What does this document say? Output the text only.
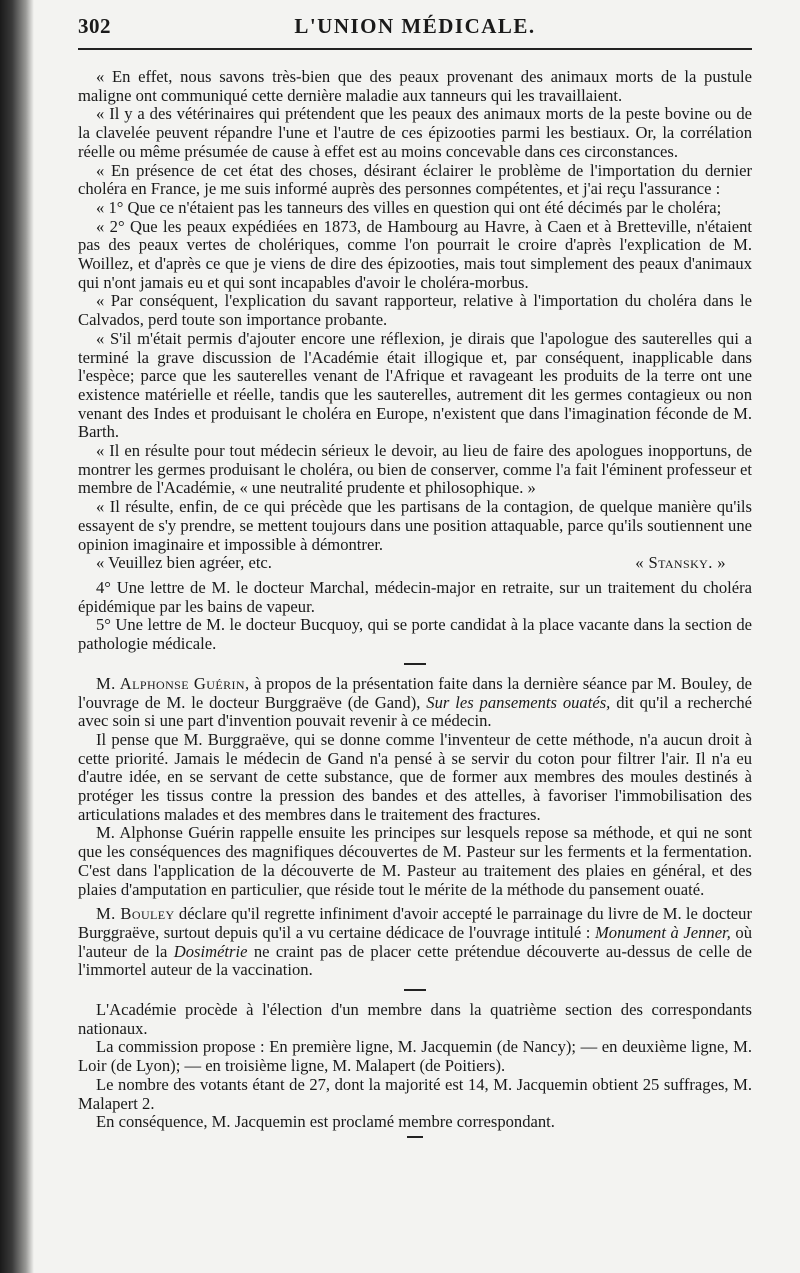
302	L'UNION MÉDICALE.

« En effet, nous savons très-bien que des peaux provenant des animaux morts de la pustule maligne ont communiqué cette dernière maladie aux tanneurs qui les travaillaient.

« Il y a des vétérinaires qui prétendent que les peaux des animaux morts de la peste bovine ou de la clavelée peuvent répandre l'une et l'autre de ces épizooties parmi les bestiaux. Or, la corrélation réelle ou même présumée de cause à effet est au moins concevable dans ces circonstances.

« En présence de cet état des choses, désirant éclairer le problème de l'importation du dernier choléra en France, je me suis informé auprès des personnes compétentes, et j'ai reçu l'assurance :

« 1° Que ce n'étaient pas les tanneurs des villes en question qui ont été décimés par le choléra;

« 2° Que les peaux expédiées en 1873, de Hambourg au Havre, à Caen et à Bretteville, n'étaient pas des peaux vertes de cholériques, comme l'on pourrait le croire d'après l'explication de M. Woillez, et d'après ce que je viens de dire des épizooties, mais tout simplement des peaux d'animaux qui n'ont jamais eu et qui sont incapables d'avoir le choléra-morbus.

« Par conséquent, l'explication du savant rapporteur, relative à l'importation du choléra dans le Calvados, perd toute son importance probante.

« S'il m'était permis d'ajouter encore une réflexion, je dirais que l'apologue des sauterelles qui a terminé la grave discussion de l'Académie était illogique et, par conséquent, inapplicable dans l'espèce; parce que les sauterelles venant de l'Afrique et ravageant les produits de la terre ont une existence matérielle et réelle, tandis que les sauterelles, autrement dit les germes contagieux ou non venant des Indes et produisant le choléra en Europe, n'existent que dans l'imagination féconde de M. Barth.

« Il en résulte pour tout médecin sérieux le devoir, au lieu de faire des apologues inopportuns, de montrer les germes produisant le choléra, ou bien de conserver, comme l'a fait l'éminent professeur et membre de l'Académie, « une neutralité prudente et philosophique. »

« Il résulte, enfin, de ce qui précède que les partisans de la contagion, de quelque manière qu'ils essayent de s'y prendre, se mettent toujours dans une position attaquable, parce qu'ils soutiennent une opinion imaginaire et impossible à démontrer.

« Veuillez bien agréer, etc.	« Stansky. »

4° Une lettre de M. le docteur Marchal, médecin-major en retraite, sur un traitement du choléra épidémique par les bains de vapeur.

5° Une lettre de M. le docteur Bucquoy, qui se porte candidat à la place vacante dans la section de pathologie médicale.

M. Alphonse Guérin, à propos de la présentation faite dans la dernière séance par M. Bouley, de l'ouvrage de M. le docteur Burggraëve (de Gand), Sur les pansements ouatés, dit qu'il a recherché avec soin si une part d'invention pouvait revenir à ce médecin.

Il pense que M. Burggraëve, qui se donne comme l'inventeur de cette méthode, n'a aucun droit à cette priorité. Jamais le médecin de Gand n'a pensé à se servir du coton pour filtrer l'air. Il n'a eu d'autre idée, en se servant de cette substance, que de former aux membres des moules destinés à protéger les tissus contre la pression des bandes et des attelles, à favoriser l'immobilisation des articulations malades et des membres dans le traitement des fractures.

M. Alphonse Guérin rappelle ensuite les principes sur lesquels repose sa méthode, et qui ne sont que les conséquences des magnifiques découvertes de M. Pasteur sur les ferments et la fermentation. C'est dans l'application de la découverte de M. Pasteur au traitement des plaies en général, et des plaies d'amputation en particulier, que réside tout le mérite de la méthode du pansement ouaté.

M. Bouley déclare qu'il regrette infiniment d'avoir accepté le parrainage du livre de M. le docteur Burggraëve, surtout depuis qu'il a vu certaine dédicace de l'ouvrage intitulé : Monument à Jenner, où l'auteur de la Dosimétrie ne craint pas de placer cette prétendue découverte au-dessus de celle de l'immortel auteur de la vaccination.

L'Académie procède à l'élection d'un membre dans la quatrième section des correspondants nationaux.

La commission propose : En première ligne, M. Jacquemin (de Nancy); — en deuxième ligne, M. Loir (de Lyon); — en troisième ligne, M. Malapert (de Poitiers).

Le nombre des votants étant de 27, dont la majorité est 14, M. Jacquemin obtient 25 suffrages, M. Malapert 2.

En conséquence, M. Jacquemin est proclamé membre correspondant.
